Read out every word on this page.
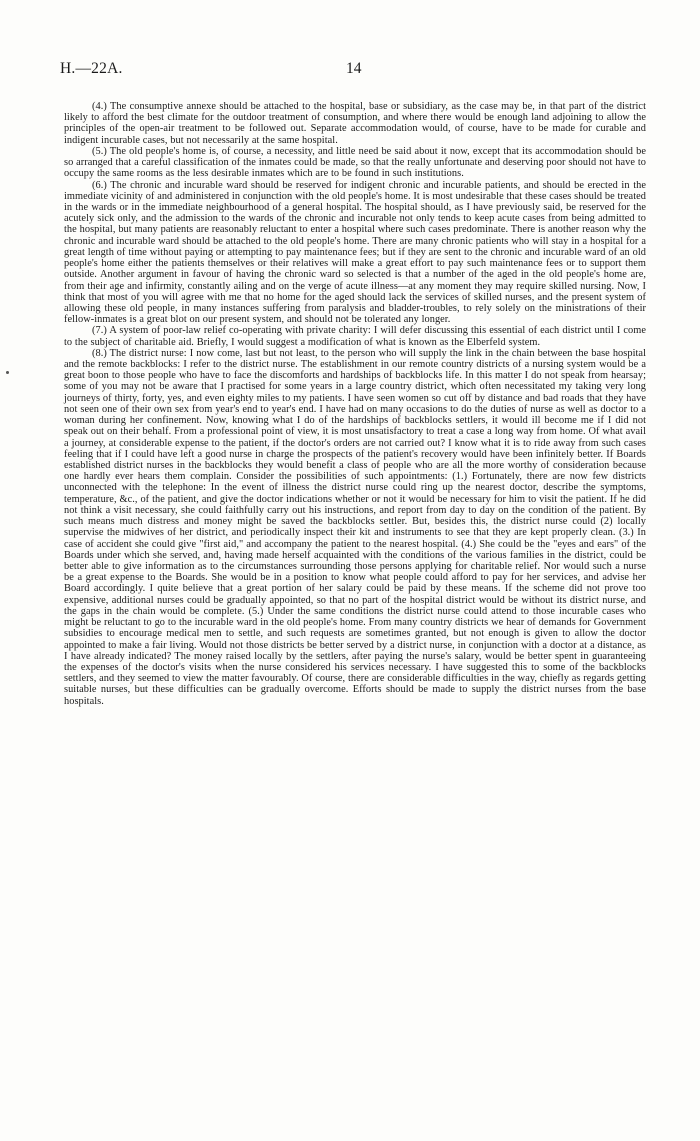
H.—22A.	14

(4.) The consumptive annexe should be attached to the hospital, base or subsidiary, as the case may be, in that part of the district likely to afford the best climate for the outdoor treatment of consumption, and where there would be enough land adjoining to allow the principles of the open-air treatment to be followed out. Separate accommodation would, of course, have to be made for curable and indigent incurable cases, but not necessarily at the same hospital.

(5.) The old people's home is, of course, a necessity, and little need be said about it now, except that its accommodation should be so arranged that a careful classification of the inmates could be made, so that the really unfortunate and deserving poor should not have to occupy the same rooms as the less desirable inmates which are to be found in such institutions.

(6.) The chronic and incurable ward should be reserved for indigent chronic and incurable patients, and should be erected in the immediate vicinity of and administered in conjunction with the old people's home. It is most undesirable that these cases should be treated in the wards or in the immediate neighbourhood of a general hospital. The hospital should, as I have previously said, be reserved for the acutely sick only, and the admission to the wards of the chronic and incurable not only tends to keep acute cases from being admitted to the hospital, but many patients are reasonably reluctant to enter a hospital where such cases predominate. There is another reason why the chronic and incurable ward should be attached to the old people's home. There are many chronic patients who will stay in a hospital for a great length of time without paying or attempting to pay maintenance fees; but if they are sent to the chronic and incurable ward of an old people's home either the patients themselves or their relatives will make a great effort to pay such maintenance fees or to support them outside. Another argument in favour of having the chronic ward so selected is that a number of the aged in the old people's home are, from their age and infirmity, constantly ailing and on the verge of acute illness—at any moment they may require skilled nursing. Now, I think that most of you will agree with me that no home for the aged should lack the services of skilled nurses, and the present system of allowing these old people, in many instances suffering from paralysis and bladder-troubles, to rely solely on the ministrations of their fellow-inmates is a great blot on our present system, and should not be tolerated any longer.

(7.) A system of poor-law relief co-operating with private charity: I will defer discussing this essential of each district until I come to the subject of charitable aid. Briefly, I would suggest a modification of what is known as the Elberfeld system.

(8.) The district nurse: I now come, last but not least, to the person who will supply the link in the chain between the base hospital and the remote backblocks: I refer to the district nurse. The establishment in our remote country districts of a nursing system would be a great boon to those people who have to face the discomforts and hardships of backblocks life. In this matter I do not speak from hearsay; some of you may not be aware that I practised for some years in a large country district, which often necessitated my taking very long journeys of thirty, forty, yes, and even eighty miles to my patients. I have seen women so cut off by distance and bad roads that they have not seen one of their own sex from year's end to year's end. I have had on many occasions to do the duties of nurse as well as doctor to a woman during her confinement. Now, knowing what I do of the hardships of backblocks settlers, it would ill become me if I did not speak out on their behalf. From a professional point of view, it is most unsatisfactory to treat a case a long way from home. Of what avail a journey, at considerable expense to the patient, if the doctor's orders are not carried out? I know what it is to ride away from such cases feeling that if I could have left a good nurse in charge the prospects of the patient's recovery would have been infinitely better. If Boards established district nurses in the backblocks they would benefit a class of people who are all the more worthy of consideration because one hardly ever hears them complain. Consider the possibilities of such appointments: (1.) Fortunately, there are now few districts unconnected with the telephone: In the event of illness the district nurse could ring up the nearest doctor, describe the symptoms, temperature, &c., of the patient, and give the doctor indications whether or not it would be necessary for him to visit the patient. If he did not think a visit necessary, she could faithfully carry out his instructions, and report from day to day on the condition of the patient. By such means much distress and money might be saved the backblocks settler. But, besides this, the district nurse could (2) locally supervise the midwives of her district, and periodically inspect their kit and instruments to see that they are kept properly clean. (3.) In case of accident she could give "first aid," and accompany the patient to the nearest hospital. (4.) She could be the "eyes and ears" of the Boards under which she served, and, having made herself acquainted with the conditions of the various families in the district, could be better able to give information as to the circumstances surrounding those persons applying for charitable relief. Nor would such a nurse be a great expense to the Boards. She would be in a position to know what people could afford to pay for her services, and advise her Board accordingly. I quite believe that a great portion of her salary could be paid by these means. If the scheme did not prove too expensive, additional nurses could be gradually appointed, so that no part of the hospital district would be without its district nurse, and the gaps in the chain would be complete. (5.) Under the same conditions the district nurse could attend to those incurable cases who might be reluctant to go to the incurable ward in the old people's home. From many country districts we hear of demands for Government subsidies to encourage medical men to settle, and such requests are sometimes granted, but not enough is given to allow the doctor appointed to make a fair living. Would not those districts be better served by a district nurse, in conjunction with a doctor at a distance, as I have already indicated? The money raised locally by the settlers, after paying the nurse's salary, would be better spent in guaranteeing the expenses of the doctor's visits when the nurse considered his services necessary. I have suggested this to some of the backblocks settlers, and they seemed to view the matter favourably. Of course, there are considerable difficulties in the way, chiefly as regards getting suitable nurses, but these difficulties can be gradually overcome. Efforts should be made to supply the district nurses from the base hospitals.
